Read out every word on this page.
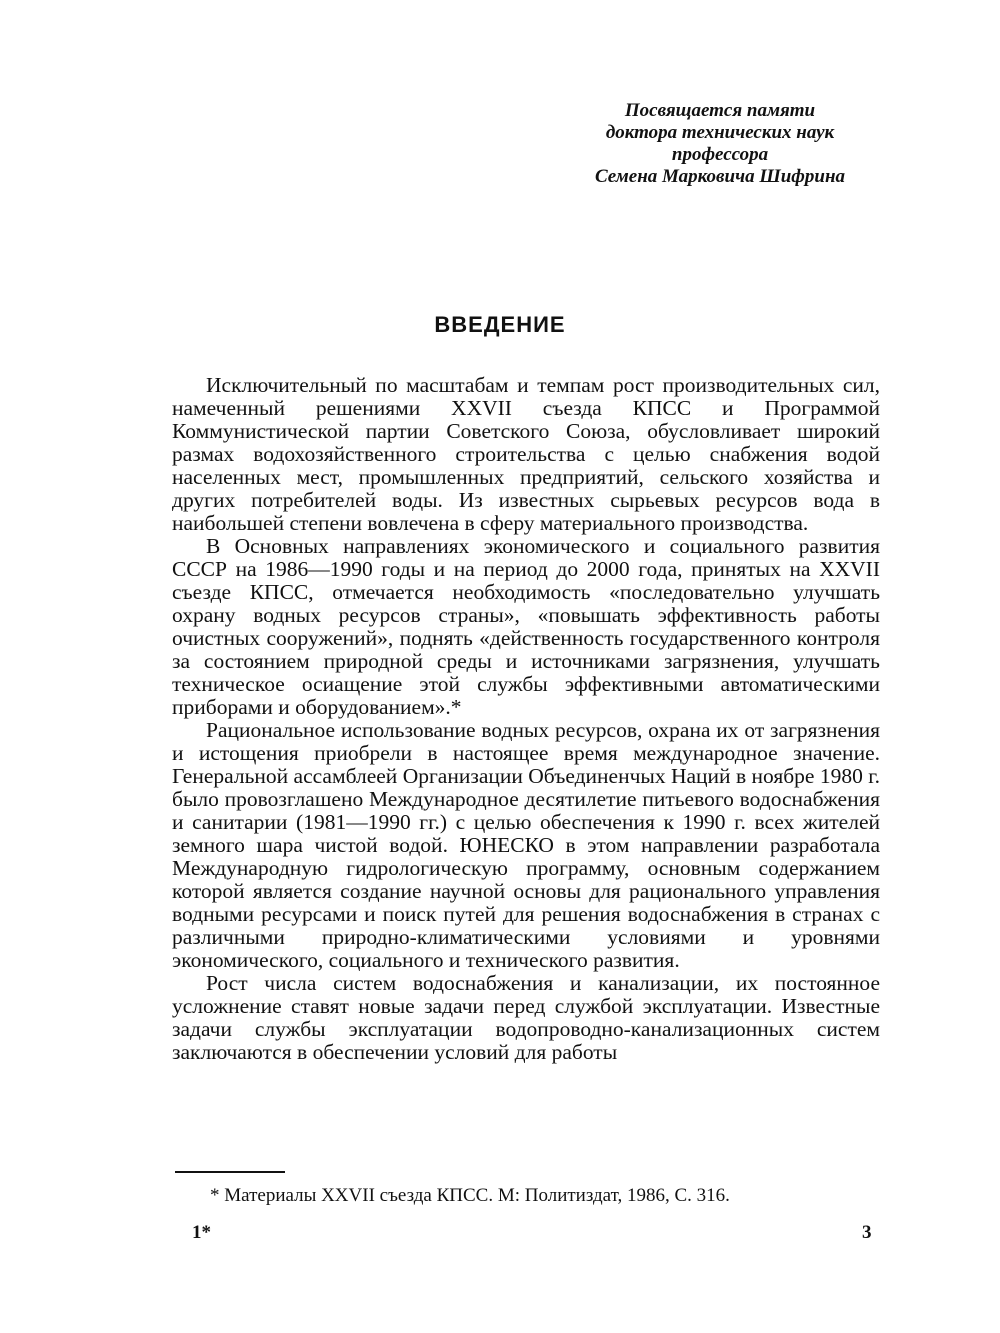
Посвящается памяти
доктора технических наук
профессора
Семена Марковича Шифрина
ВВЕДЕНИЕ

Исключительный по масштабам и темпам рост производительных сил, намеченный решениями XXVII съезда КПСС и Программой Коммунистической партии Советского Союза, обусловливает широкий размах водохозяйственного строительства с целью снабжения водой населенных мест, промышленных предприятий, сельского хозяйства и других потребителей воды. Из известных сырьевых ресурсов вода в наибольшей степени вовлечена в сферу материального производства.

В Основных направлениях экономического и социального развития СССР на 1986—1990 годы и на период до 2000 года, принятых на XXVII съезде КПСС, отмечается необходимость «последовательно улучшать охрану водных ресурсов страны», «повышать эффективность работы очистных сооружений», поднять «действенность государственного контроля за состоянием природной среды и источниками загрязнения, улучшать техническое осиащение этой службы эффективными автоматическими приборами и оборудованием».*

Рациональное использование водных ресурсов, охрана их от загрязнения и истощения приобрели в настоящее время международное значение. Генеральной ассамблеей Организации Объединенчых Наций в ноябре 1980 г. было провозглашено Международное десятилетие питьевого водоснабжения и санитарии (1981—1990 гг.) с целью обеспечения к 1990 г. всех жителей земного шара чистой водой. ЮНЕСКО в этом направлении разработала Международную гидрологическую программу, основным содержанием которой является создание научной основы для рационального управления водными ресурсами и поиск путей для решения водоснабжения в странах с различными природно-климатическими условиями и уровнями экономического, социального и технического развития.

Рост числа систем водоснабжения и канализации, их постоянное усложнение ставят новые задачи перед службой эксплуатации. Известные задачи службы эксплуатации водопроводно-канализационных систем заключаются в обеспечении условий для работы

* Материалы XXVII съезда КПСС. М: Политиздат, 1986, С. 316.
1*	3
